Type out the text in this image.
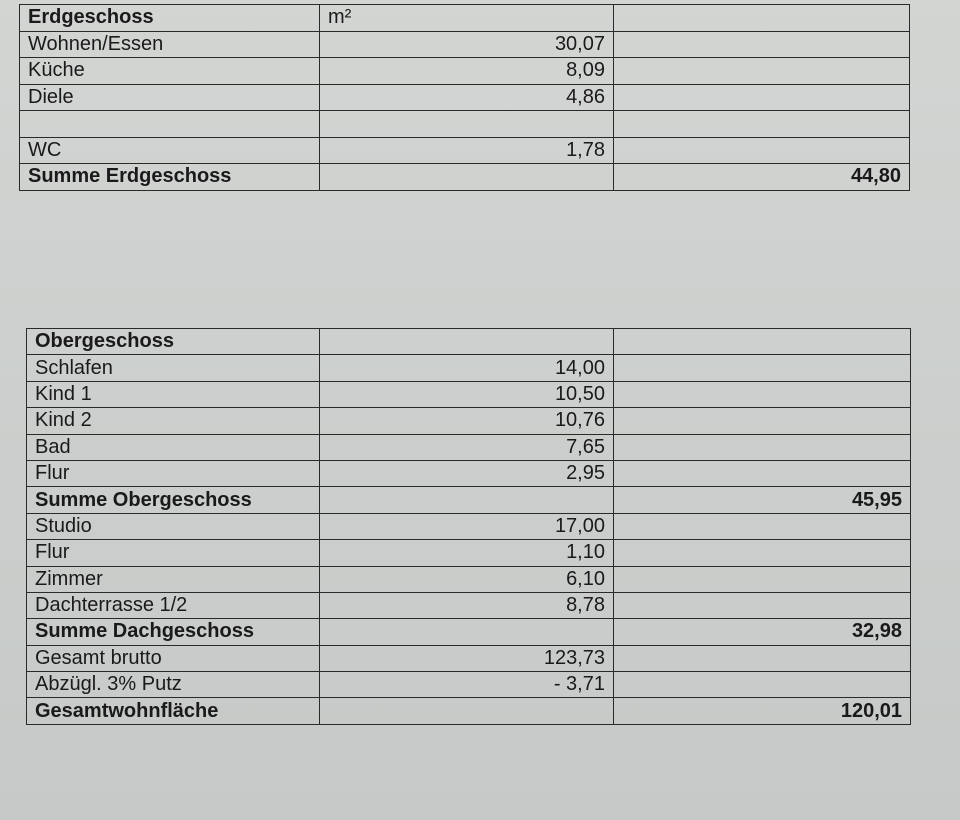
Erdgeschoss	m²	
Wohnen/Essen	30,07	
Küche	8,09	
Diele	4,86	

WC	1,78	
Summe Erdgeschoss		44,80
Obergeschoss		
Schlafen	14,00	
Kind 1	10,50	
Kind 2	10,76	
Bad	7,65	
Flur	2,95	
Summe Obergeschoss		45,95
Studio	17,00	
Flur	1,10	
Zimmer	6,10	
Dachterrasse 1/2	8,78	
Summe Dachgeschoss		32,98
Gesamt brutto	123,73	
Abzügl. 3% Putz	- 3,71	
Gesamtwohnfläche		120,01
